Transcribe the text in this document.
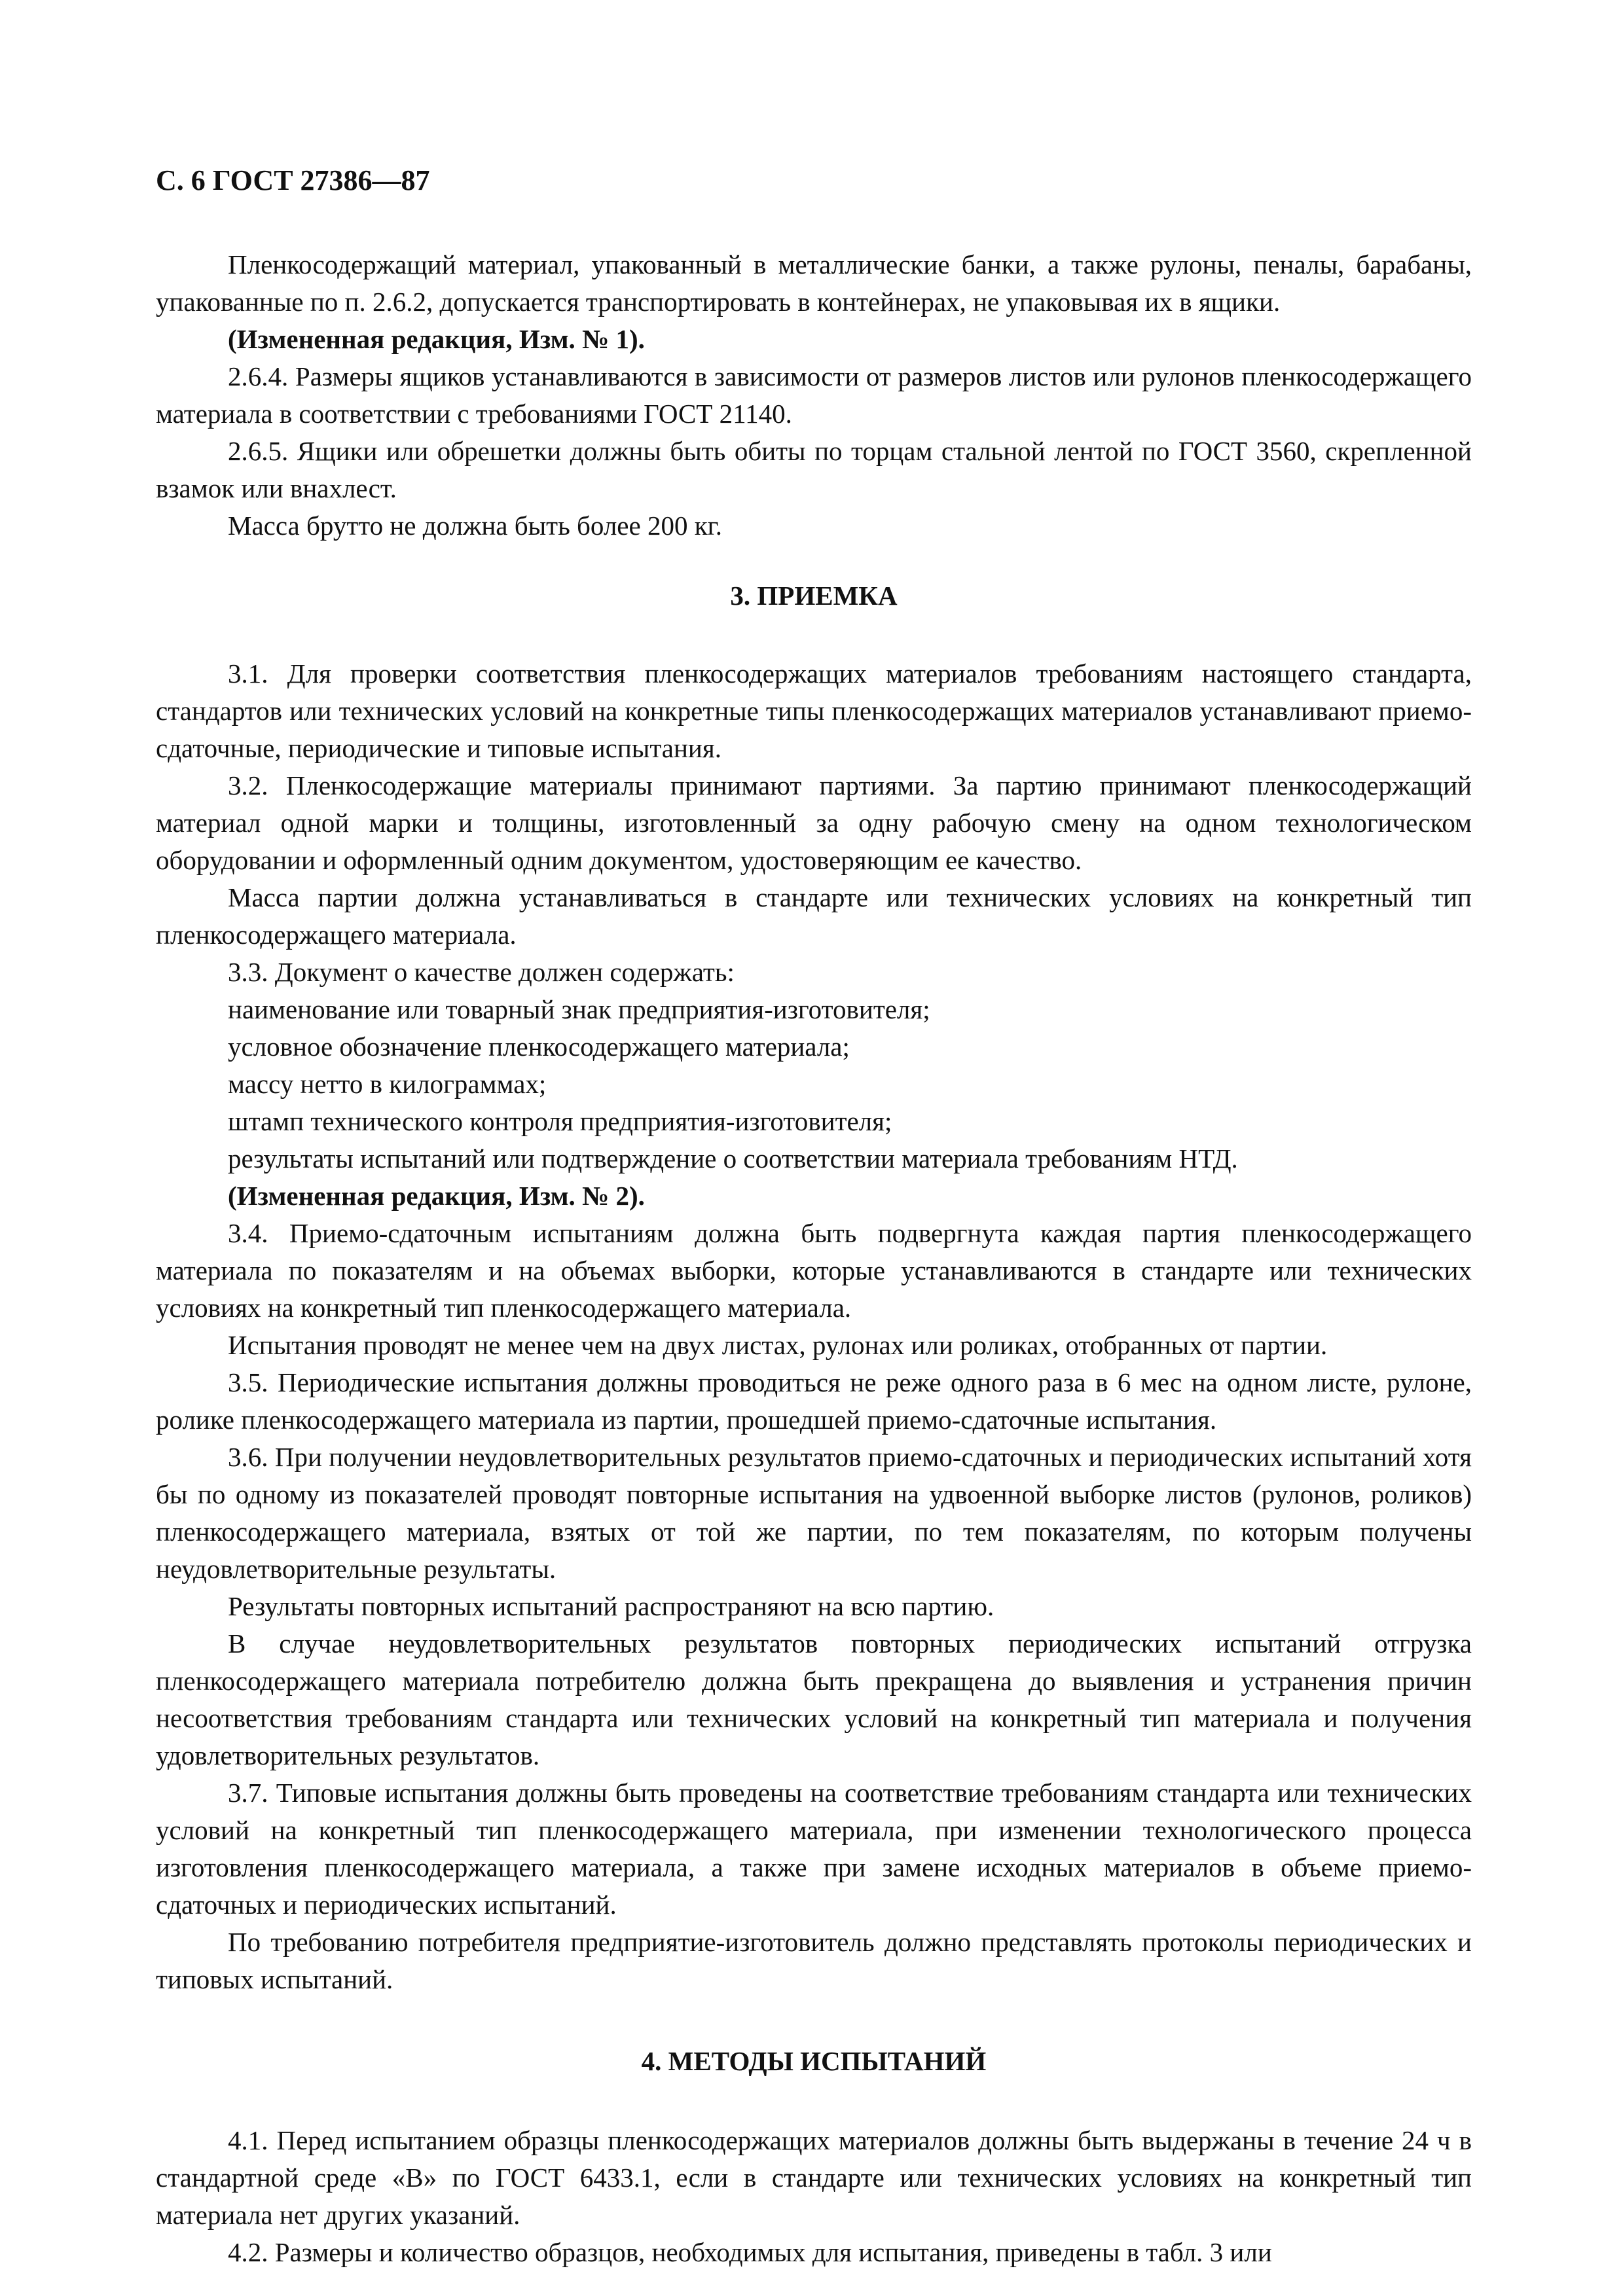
С. 6 ГОСТ 27386—87

Пленкосодержащий материал, упакованный в металлические банки, а также рулоны, пеналы, барабаны, упакованные по п. 2.6.2, допускается транспортировать в контейнерах, не упаковывая их в ящики.

(Измененная редакция, Изм. № 1).

2.6.4. Размеры ящиков устанавливаются в зависимости от размеров листов или рулонов пленкосодержащего материала в соответствии с требованиями ГОСТ 21140.

2.6.5. Ящики или обрешетки должны быть обиты по торцам стальной лентой по ГОСТ 3560, скрепленной взамок или внахлест.

Масса брутто не должна быть более 200 кг.

3. ПРИЕМКА

3.1. Для проверки соответствия пленкосодержащих материалов требованиям настоящего стандарта, стандартов или технических условий на конкретные типы пленкосодержащих материалов устанавливают приемо-сдаточные, периодические и типовые испытания.

3.2. Пленкосодержащие материалы принимают партиями. За партию принимают пленкосодержащий материал одной марки и толщины, изготовленный за одну рабочую смену на одном технологическом оборудовании и оформленный одним документом, удостоверяющим ее качество.

Масса партии должна устанавливаться в стандарте или технических условиях на конкретный тип пленкосодержащего материала.

3.3. Документ о качестве должен содержать:

наименование или товарный знак предприятия-изготовителя;

условное обозначение пленкосодержащего материала;

массу нетто в килограммах;

штамп технического контроля предприятия-изготовителя;

результаты испытаний или подтверждение о соответствии материала требованиям НТД.

(Измененная редакция, Изм. № 2).

3.4. Приемо-сдаточным испытаниям должна быть подвергнута каждая партия пленкосодержащего материала по показателям и на объемах выборки, которые устанавливаются в стандарте или технических условиях на конкретный тип пленкосодержащего материала.

Испытания проводят не менее чем на двух листах, рулонах или роликах, отобранных от партии.

3.5. Периодические испытания должны проводиться не реже одного раза в 6 мес на одном листе, рулоне, ролике пленкосодержащего материала из партии, прошедшей приемо-сдаточные испытания.

3.6. При получении неудовлетворительных результатов приемо-сдаточных и периодических испытаний хотя бы по одному из показателей проводят повторные испытания на удвоенной выборке листов (рулонов, роликов) пленкосодержащего материала, взятых от той же партии, по тем показателям, по которым получены неудовлетворительные результаты.

Результаты повторных испытаний распространяют на всю партию.

В случае неудовлетворительных результатов повторных периодических испытаний отгрузка пленкосодержащего материала потребителю должна быть прекращена до выявления и устранения причин несоответствия требованиям стандарта или технических условий на конкретный тип материала и получения удовлетворительных результатов.

3.7. Типовые испытания должны быть проведены на соответствие требованиям стандарта или технических условий на конкретный тип пленкосодержащего материала, при изменении технологического процесса изготовления пленкосодержащего материала, а также при замене исходных материалов в объеме приемо-сдаточных и периодических испытаний.

По требованию потребителя предприятие-изготовитель должно представлять протоколы периодических и типовых испытаний.

4. МЕТОДЫ ИСПЫТАНИЙ

4.1. Перед испытанием образцы пленкосодержащих материалов должны быть выдержаны в течение 24 ч в стандартной среде «В» по ГОСТ 6433.1, если в стандарте или технических условиях на конкретный тип материала нет других указаний.

4.2. Размеры и количество образцов, необходимых для испытания, приведены в табл. 3 или
